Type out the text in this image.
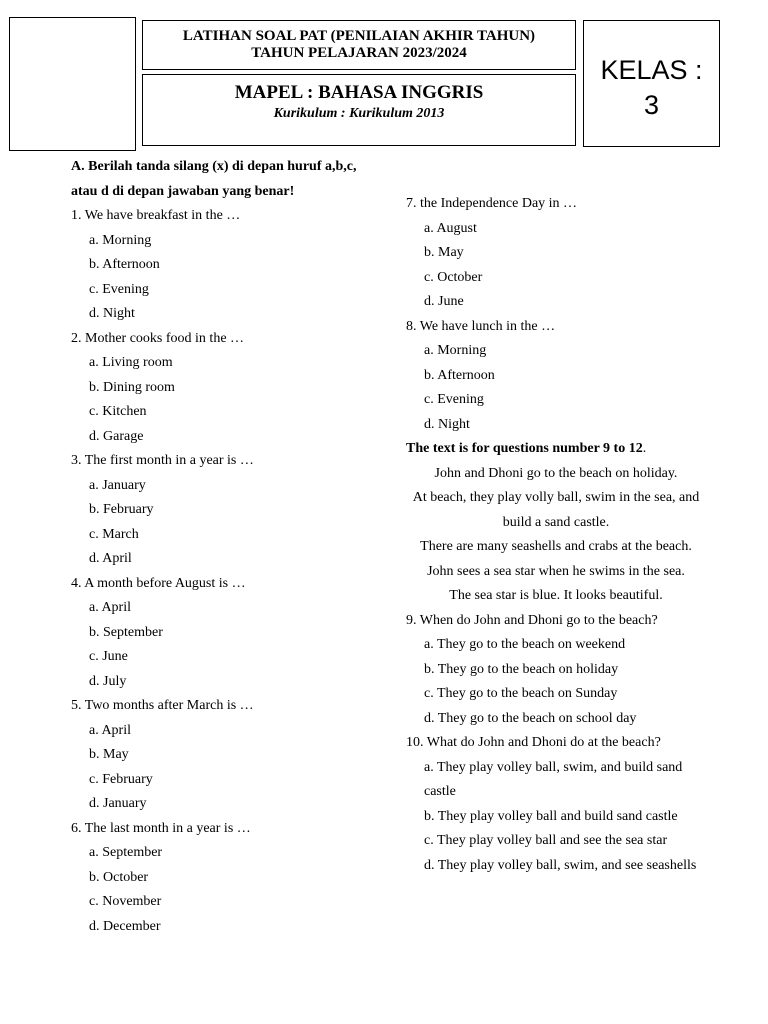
LATIHAN SOAL PAT (PENILAIAN AKHIR TAHUN)
TAHUN PELAJARAN 2023/2024
MAPEL : BAHASA INGGRIS
Kurikulum : Kurikulum 2013
KELAS :
3
A. Berilah tanda silang (x) di depan huruf a,b,c,
atau d di depan jawaban yang benar!
1. We have breakfast in the …
a. Morning
b. Afternoon
c. Evening
d. Night
2. Mother cooks food in the …
a. Living room
b. Dining room
c. Kitchen
d. Garage
3. The first month in a year is …
a. January
b. February
c. March
d. April
4. A month before August is …
a. April
b. September
c. June
d. July
5. Two months after March is …
a. April
b. May
c. February
d. January
6. The last month in a year is …
a. September
b. October
c. November
d. December
7. the Independence Day in …
a. August
b. May
c. October
d. June
8. We have lunch in the …
a. Morning
b. Afternoon
c. Evening
d. Night
The text is for questions number 9 to 12.
John and Dhoni go to the beach on holiday.
At beach, they play volly ball, swim in the sea, and
build a sand castle.
There are many seashells and crabs at the beach.
John sees a sea star when he swims in the sea.
The sea star is blue. It looks beautiful.
9. When do John and Dhoni go to the beach?
a. They go to the beach on weekend
b. They go to the beach on holiday
c. They go to the beach on Sunday
d. They go to the beach on school day
10. What do John and Dhoni do at the beach?
a. They play volley ball, swim, and build sand
castle
b. They play volley ball and build sand castle
c. They play volley ball and see the sea star
d. They play volley ball, swim, and see seashells
